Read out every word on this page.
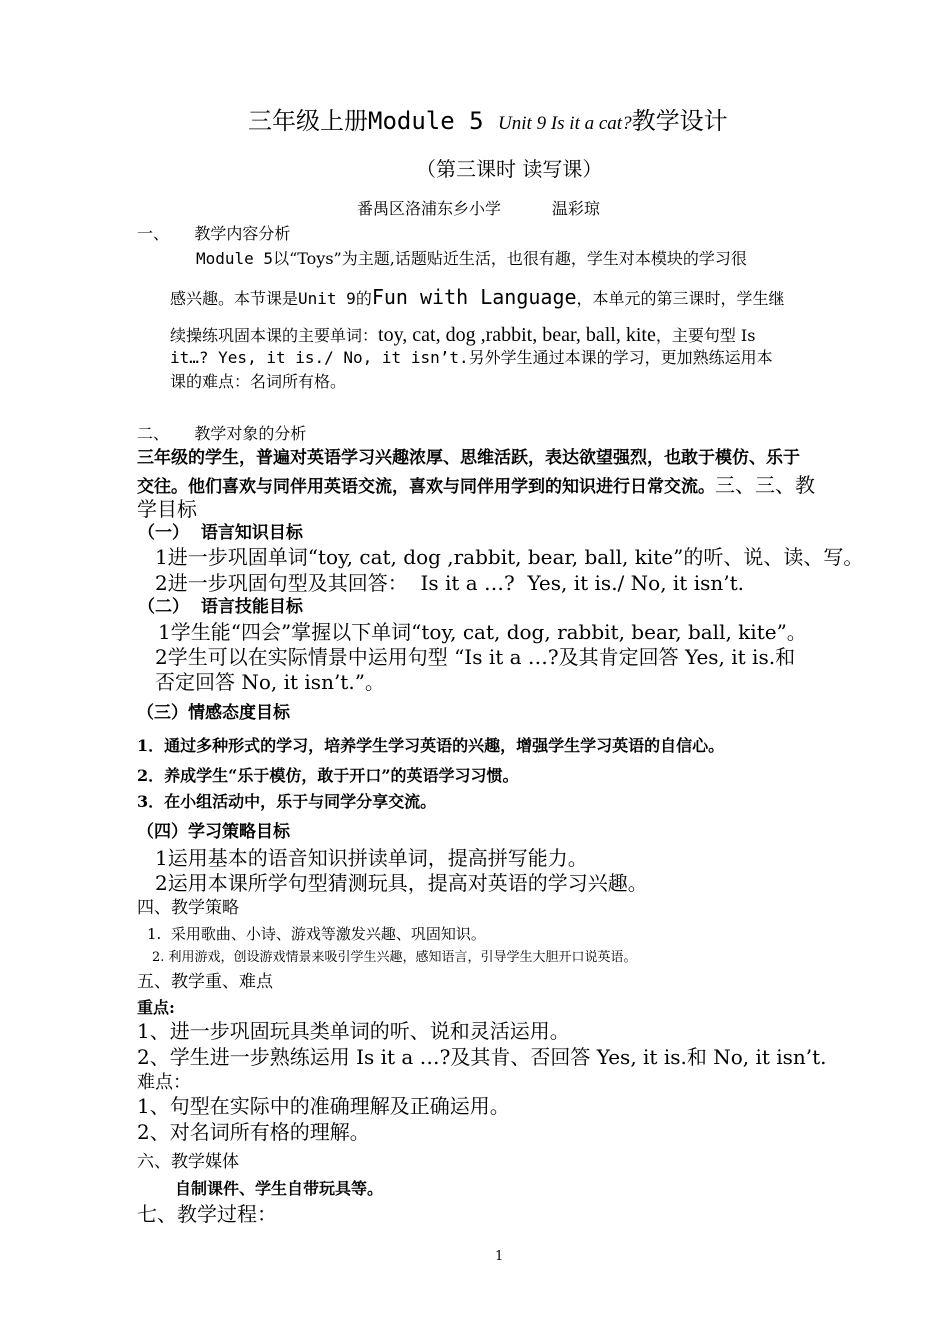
三年级上册Module 5 Unit 9 Is it a cat?教学设计
（第三课时 读写课）
番禺区洛浦东乡小学          温彩琼
一、     教学内容分析
Module 5以“Toys”为主题,话题贴近生活，也很有趣，学生对本模块的学习很
感兴趣。本节课是Unit 9的Fun with Language，本单元的第三课时，学生继
续操练巩固本课的主要单词：toy, cat, dog ,rabbit, bear, ball, kite，主要句型 Is
it…? Yes, it is./ No, it isn’t.另外学生通过本课的学习，更加熟练运用本
课的难点：名词所有格。
二、     教学对象的分析
三年级的学生，普遍对英语学习兴趣浓厚、思维活跃，表达欲望强烈，也敢于模仿、乐于
交往。他们喜欢与同伴用英语交流，喜欢与同伴用学到的知识进行日常交流。三、三、教
学目标
（一）  语言知识目标
1进一步巩固单词“toy, cat, dog ,rabbit, bear, ball, kite”的听、说、读、写。
2进一步巩固句型及其回答：  Is it a …?  Yes, it is./ No, it isn’t.
（二）  语言技能目标
1学生能“四会”掌握以下单词“toy, cat, dog, rabbit, bear, ball, kite”。
2学生可以在实际情景中运用句型 “Is it a …?及其肯定回答 Yes, it is.和
否定回答 No, it isn’t.”。
（三）情感态度目标
1．通过多种形式的学习，培养学生学习英语的兴趣，增强学生学习英语的自信心。
2．养成学生“乐于模仿，敢于开口”的英语学习习惯。
3．在小组活动中，乐于与同学分享交流。
（四）学习策略目标
1运用基本的语音知识拼读单词，提高拼写能力。
2运用本课所学句型猜测玩具，提高对英语的学习兴趣。
四、教学策略
1.  采用歌曲、小诗、游戏等激发兴趣、巩固知识。
2. 利用游戏，创设游戏情景来吸引学生兴趣，感知语言，引导学生大胆开口说英语。
五、教学重、难点
重点:
1、进一步巩固玩具类单词的听、说和灵活运用。
2、学生进一步熟练运用 Is it a …?及其肯、否回答 Yes, it is.和 No, it isn’t.
难点：
1、句型在实际中的准确理解及正确运用。
2、对名词所有格的理解。
六、教学媒体
自制课件、学生自带玩具等。
七、教学过程：
1
